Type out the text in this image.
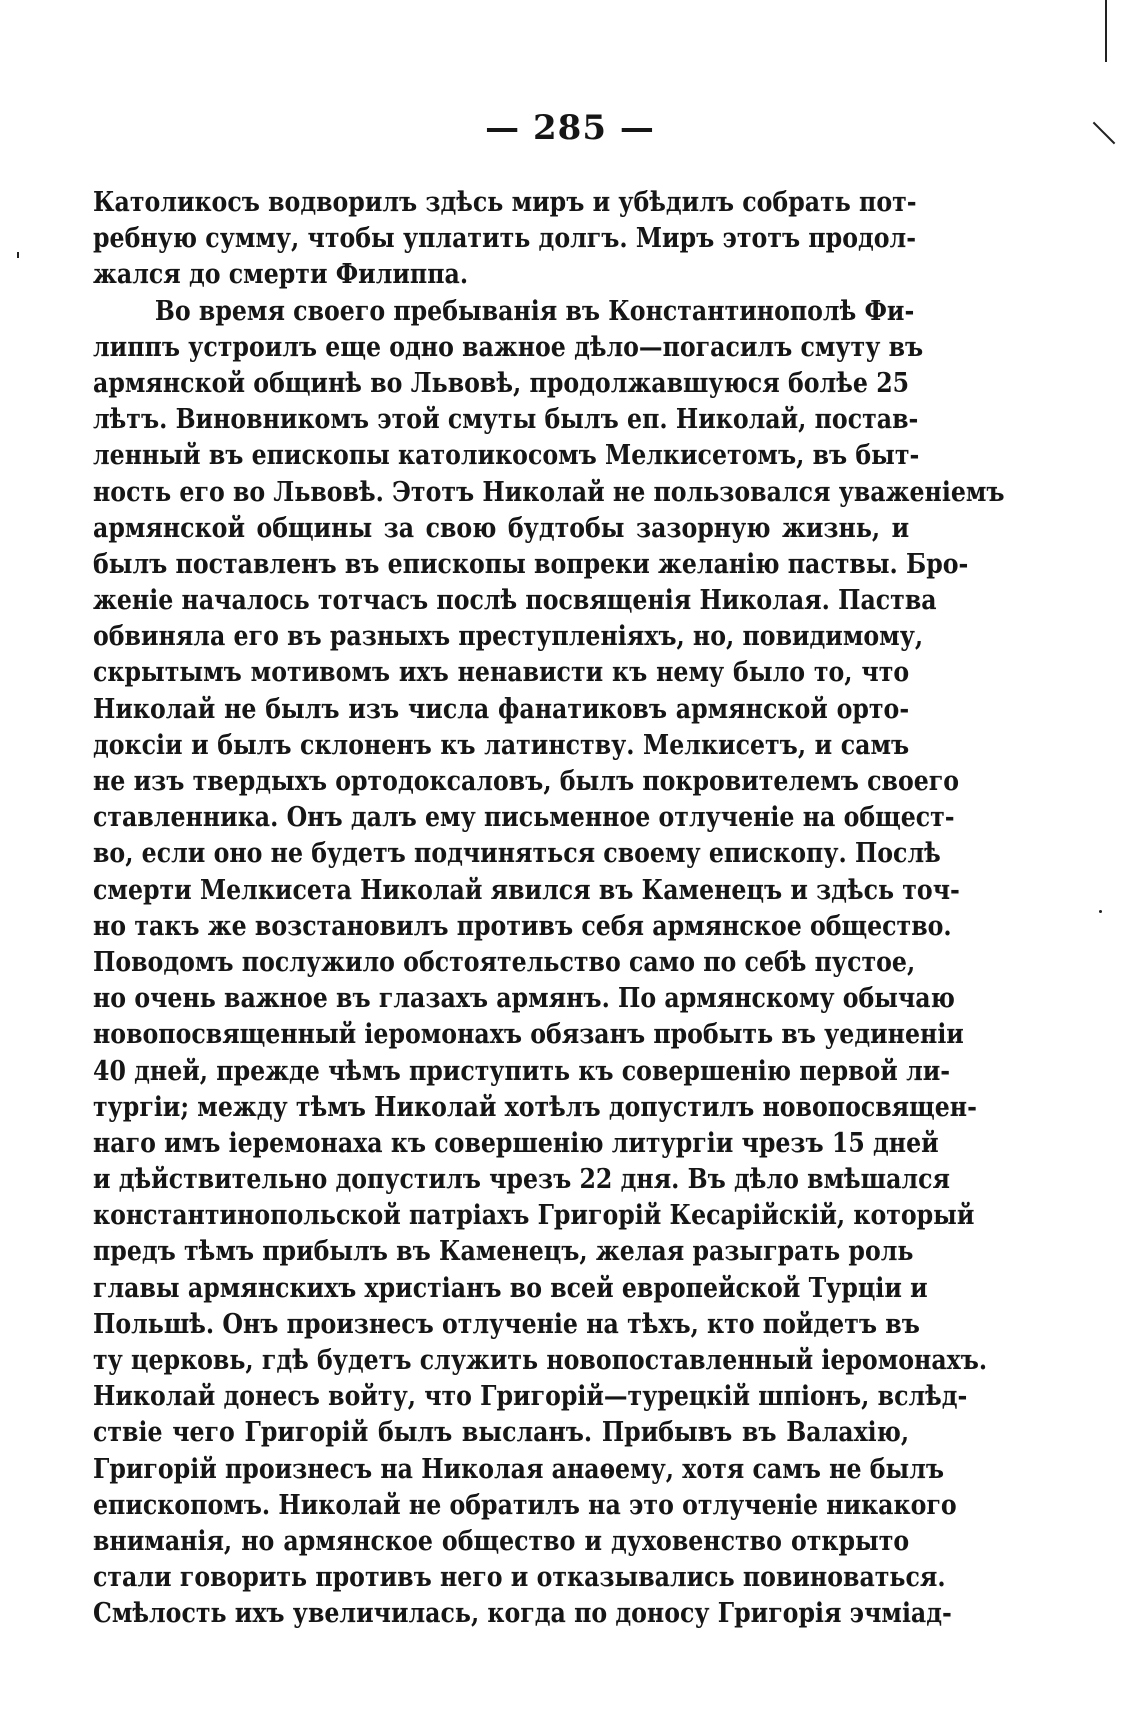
— 285 —
Католикосъ водворилъ здѣсь миръ и убѣдилъ собрать пот-
ребную сумму, чтобы уплатить долгъ. Миръ этотъ продол-
жался до смерти Филиппа.
Во время своего пребыванія въ Константинополѣ Фи-
липпъ устроилъ еще одно важное дѣло—погасилъ смуту въ
армянской общинѣ во Львовѣ, продолжавшуюся болѣе 25
лѣтъ. Виновникомъ этой смуты былъ еп. Николай, постав-
ленный въ епископы католикосомъ Мелкисетомъ, въ быт-
ность его во Львовѣ. Этотъ Николай не пользовался уваженіемъ
армянской общины за свою будтобы зазорную жизнь, и
былъ поставленъ въ епископы вопреки желанію паствы. Бро-
женіе началось тотчасъ послѣ посвященія Николая. Паства
обвиняла его въ разныхъ преступленіяхъ, но, повидимому,
скрытымъ мотивомъ ихъ ненависти къ нему было то, что
Николай не былъ изъ числа фанатиковъ армянской орто-
доксіи и былъ склоненъ къ латинству. Мелкисетъ, и самъ
не изъ твердыхъ ортодоксаловъ, былъ покровителемъ своего
ставленника. Онъ далъ ему письменное отлученіе на общест-
во, если оно не будетъ подчиняться своему епископу. Послѣ
смерти Мелкисета Николай явился въ Каменецъ и здѣсь точ-
но такъ же возстановилъ противъ себя армянское общество.
Поводомъ послужило обстоятельство само по себѣ пустое,
но очень важное въ глазахъ армянъ. По армянскому обычаю
новопосвященный іеромонахъ обязанъ пробыть въ уединеніи
40 дней, прежде чѣмъ приступить къ совершенію первой ли-
тургіи; между тѣмъ Николай хотѣлъ допустилъ новопосвящен-
наго имъ іеремонаха къ совершенію литургіи чрезъ 15 дней
и дѣйствительно допустилъ чрезъ 22 дня. Въ дѣло вмѣшался
константинопольской патріахъ Григорій Кесарійскій, который
предъ тѣмъ прибылъ въ Каменецъ, желая разыграть роль
главы армянскихъ христіанъ во всей европейской Турціи и
Польшѣ. Онъ произнесъ отлученіе на тѣхъ, кто пойдетъ въ
ту церковь, гдѣ будетъ служить новопоставленный іеромонахъ.
Николай донесъ войту, что Григорій—турецкій шпіонъ, вслѣд-
ствіе чего Григорій былъ высланъ. Прибывъ въ Валахію,
Григорій произнесъ на Николая анаѳему, хотя самъ не былъ
епископомъ. Николай не обратилъ на это отлученіе никакого
вниманія, но армянское общество и духовенство открыто
стали говорить противъ него и отказывались повиноваться.
Смѣлость ихъ увеличилась, когда по доносу Григорія эчміад-
